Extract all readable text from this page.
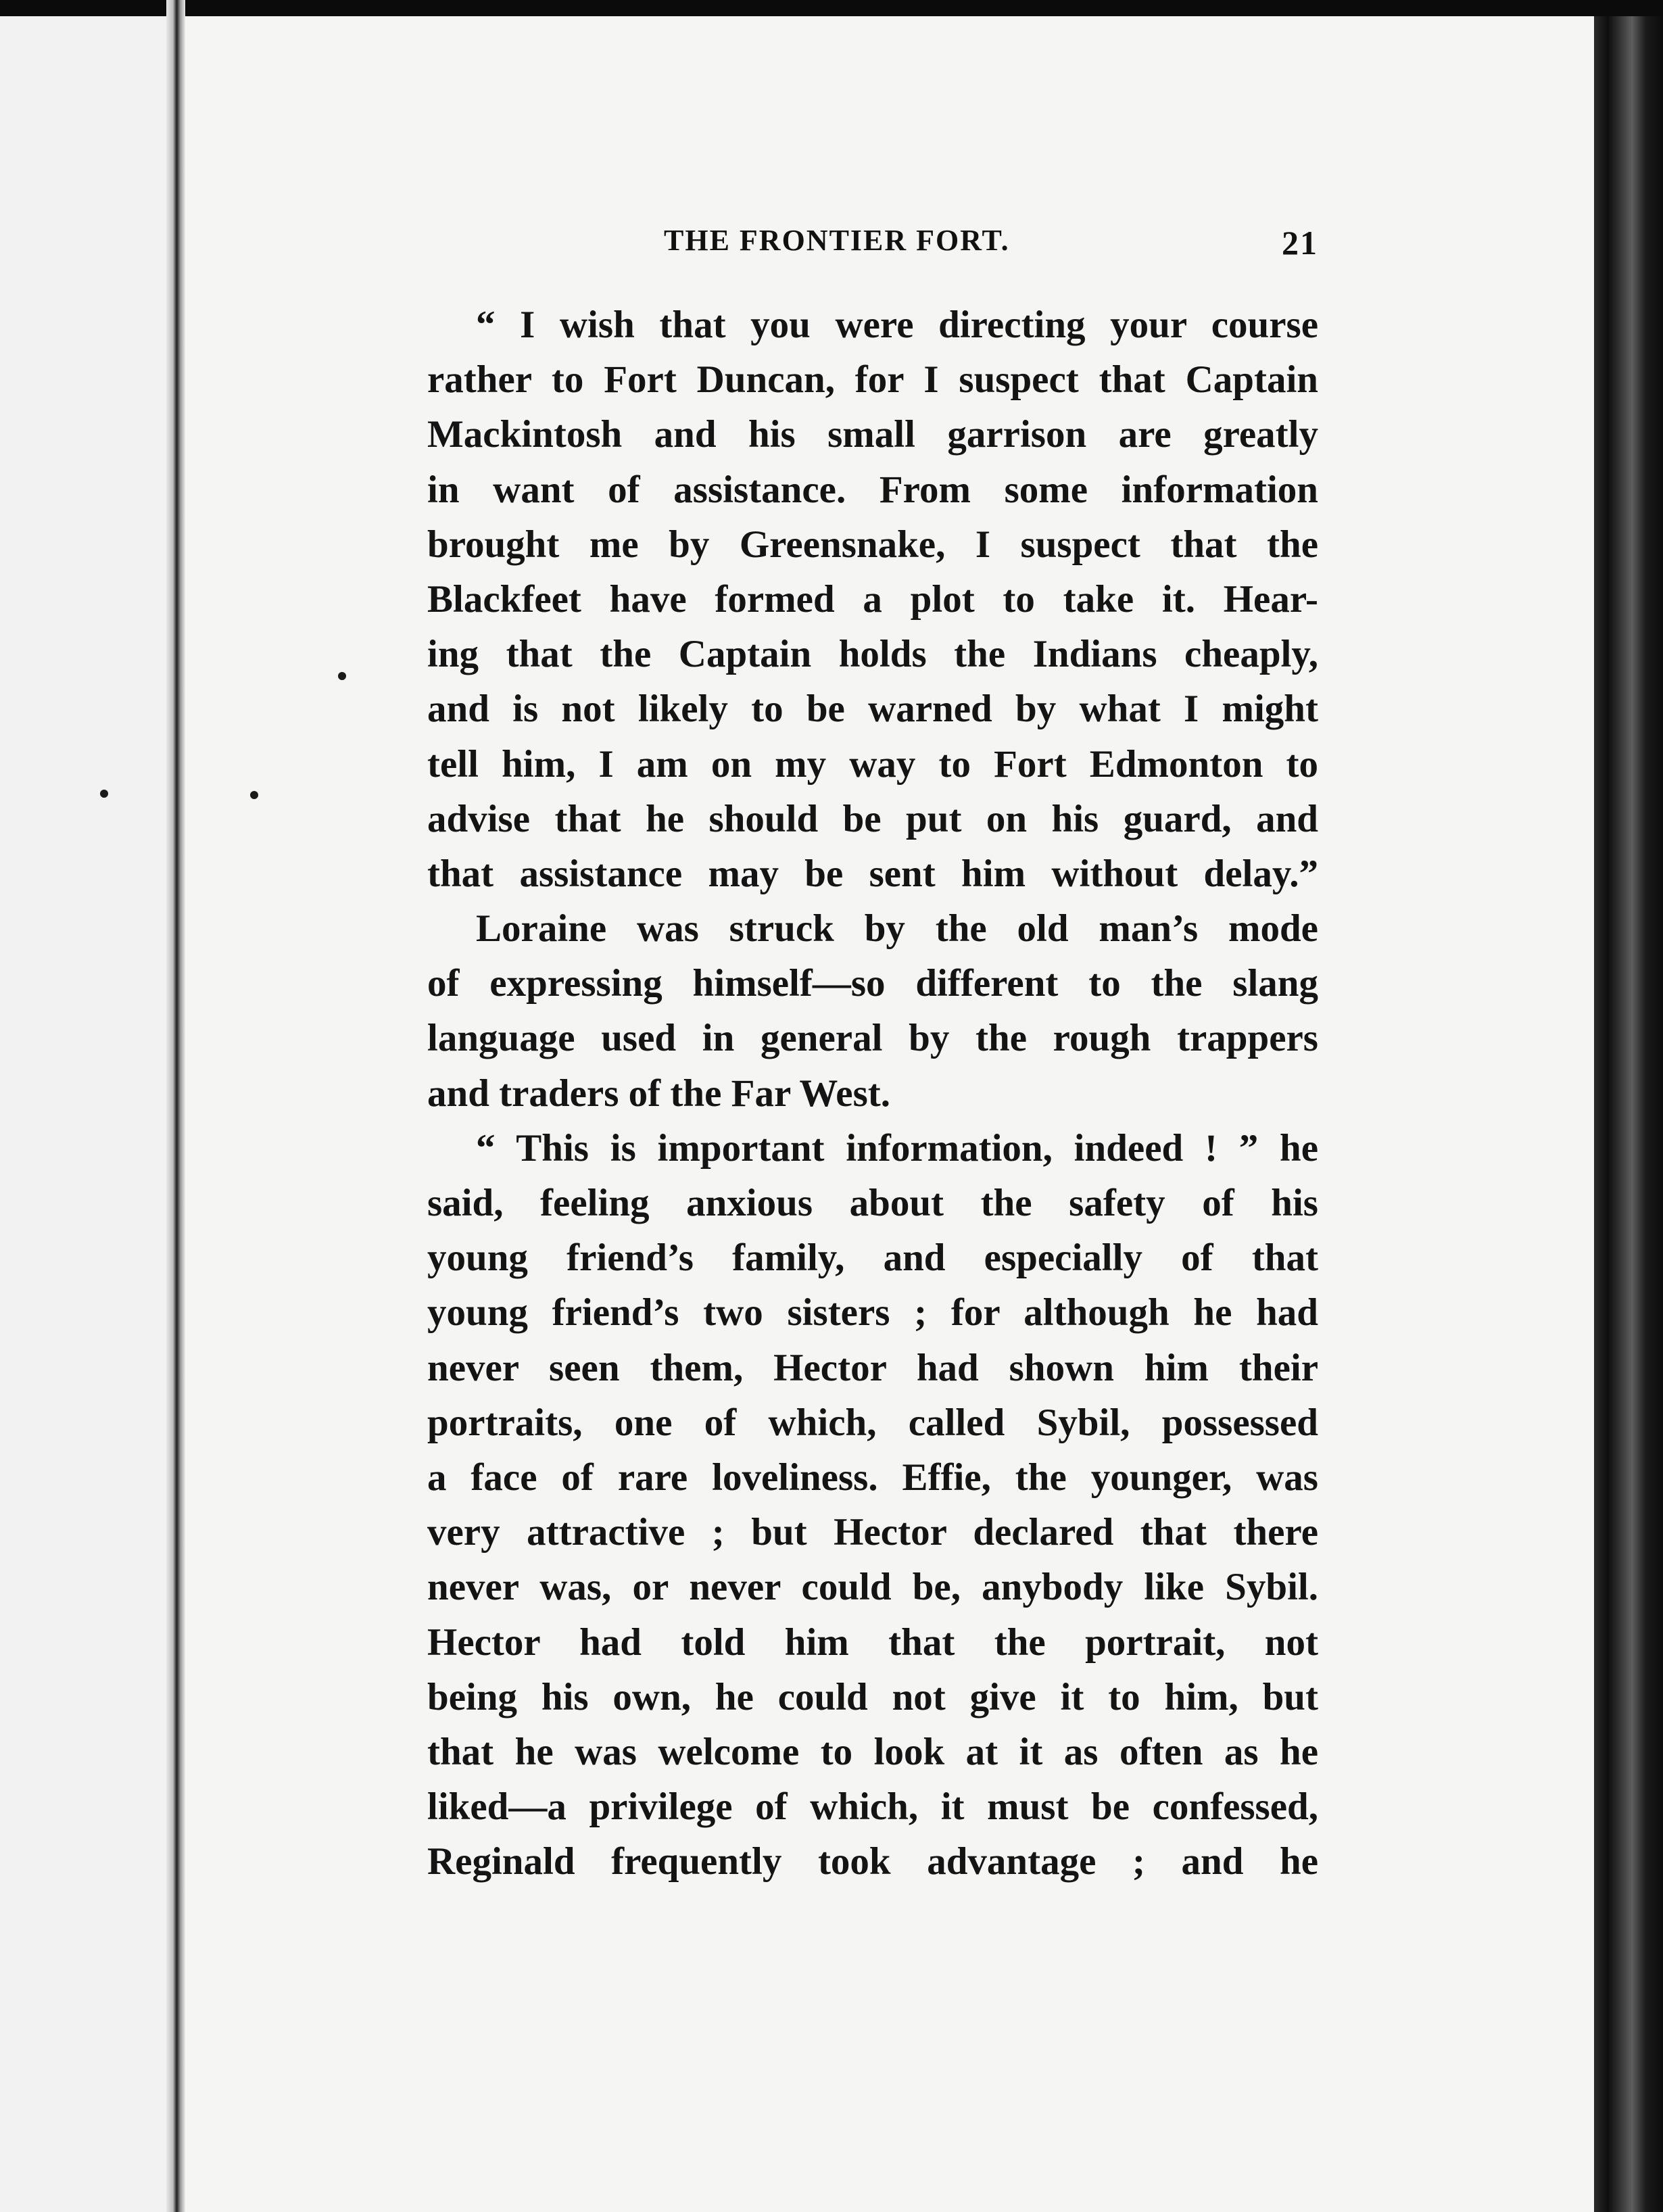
THE FRONTIER FORT.	21
“ I wish that you were directing your course
rather to Fort Duncan, for I suspect that Captain
Mackintosh and his small garrison are greatly
in want of assistance. From some information
brought me by Greensnake, I suspect that the
Blackfeet have formed a plot to take it. Hear-
ing that the Captain holds the Indians cheaply,
and is not likely to be warned by what I might
tell him, I am on my way to Fort Edmonton to
advise that he should be put on his guard, and
that assistance may be sent him without delay.”
Loraine was struck by the old man’s mode
of expressing himself—so different to the slang
language used in general by the rough trappers
and traders of the Far West.
“ This is important information, indeed ! ” he
said, feeling anxious about the safety of his
young friend’s family, and especially of that
young friend’s two sisters ; for although he had
never seen them, Hector had shown him their
portraits, one of which, called Sybil, possessed
a face of rare loveliness. Effie, the younger, was
very attractive ; but Hector declared that there
never was, or never could be, anybody like Sybil.
Hector had told him that the portrait, not
being his own, he could not give it to him, but
that he was welcome to look at it as often as he
liked—a privilege of which, it must be confessed,
Reginald frequently took advantage ; and he
